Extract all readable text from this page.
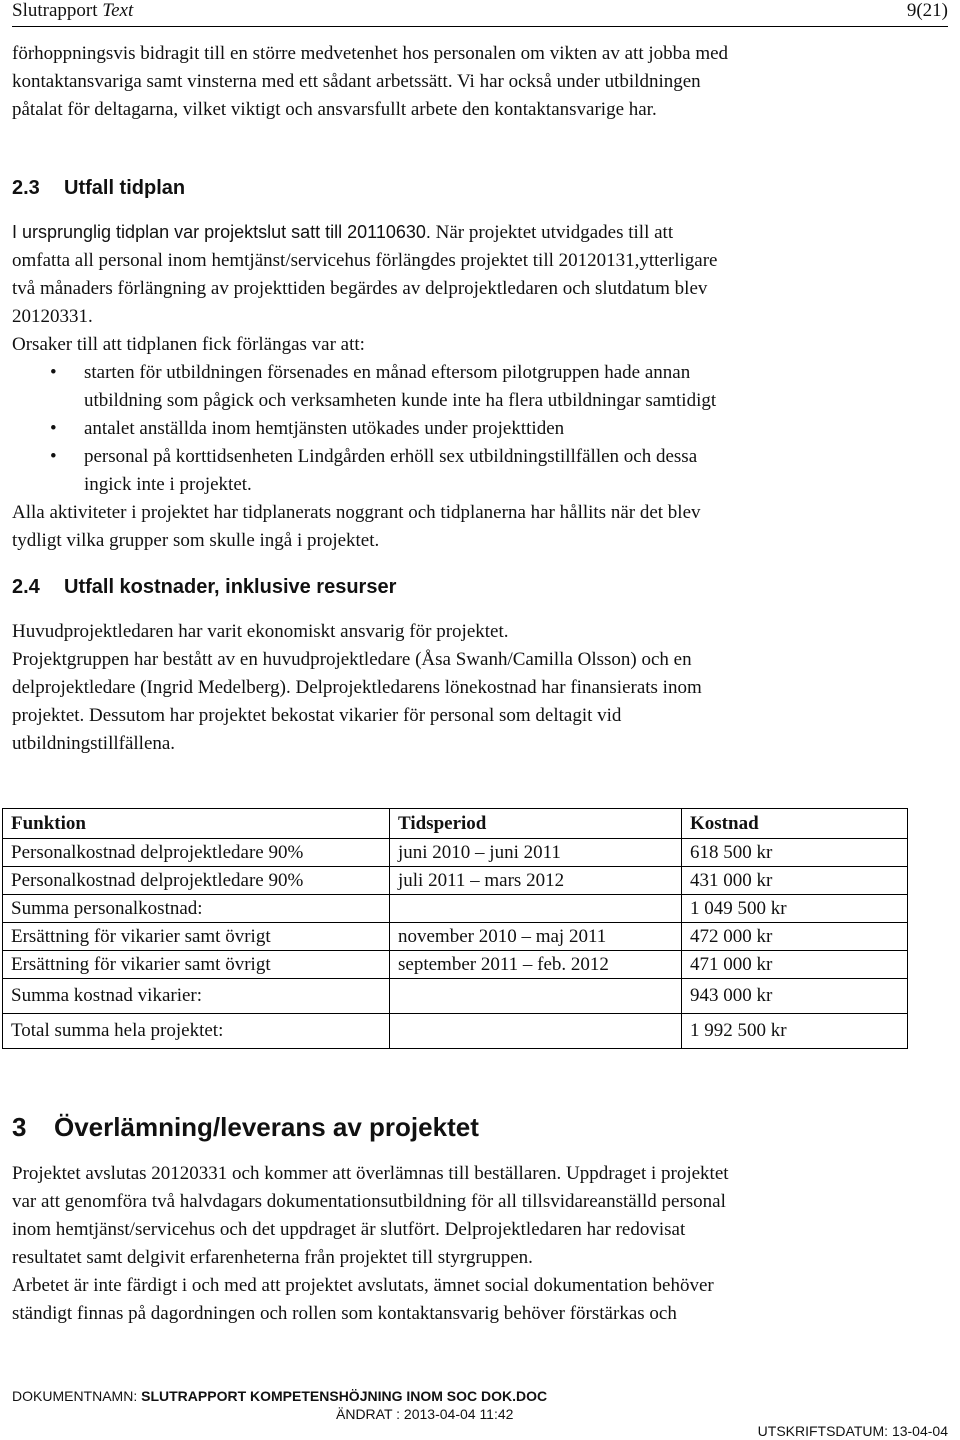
Slutrapport Text	9(21)
förhoppningsvis bidragit till en större medvetenhet hos personalen om vikten av att jobba med
kontaktansvariga samt vinsterna med ett sådant arbetssätt. Vi har också under utbildningen
påtalat för deltagarna, vilket viktigt och ansvarsfullt arbete den kontaktansvarige har.
2.3 Utfall tidplan
I ursprunglig tidplan var projektslut satt till 20110630. När projektet utvidgades till att
omfatta all personal inom hemtjänst/servicehus förlängdes projektet till 20120131,ytterligare
två månaders förlängning av projekttiden begärdes av delprojektledaren och slutdatum blev
20120331.
Orsaker till att tidplanen fick förlängas var att:
• starten för utbildningen försenades en månad eftersom pilotgruppen hade annan
utbildning som pågick och verksamheten kunde inte ha flera utbildningar samtidigt
• antalet anställda inom hemtjänsten utökades under projekttiden
• personal på korttidsenheten Lindgården erhöll sex utbildningstillfällen och dessa
ingick inte i projektet.
Alla aktiviteter i projektet har tidplanerats noggrant och tidplanerna har hållits när det blev
tydligt vilka grupper som skulle ingå i projektet.
2.4 Utfall kostnader, inklusive resurser
Huvudprojektledaren har varit ekonomiskt ansvarig för projektet.
Projektgruppen har bestått av en huvudprojektledare (Åsa Swanh/Camilla Olsson) och en
delprojektledare (Ingrid Medelberg). Delprojektledarens lönekostnad har finansierats inom
projektet. Dessutom har projektet bekostat vikarier för personal som deltagit vid
utbildningstillfällena.
Funktion	Tidsperiod	Kostnad
Personalkostnad delprojektledare 90%	juni 2010 – juni 2011	618 500 kr
Personalkostnad delprojektledare 90%	juli 2011 – mars 2012	431 000 kr
Summa personalkostnad:		1 049 500 kr
Ersättning för vikarier samt övrigt	november 2010 – maj 2011	472 000 kr
Ersättning för vikarier samt övrigt	september 2011 – feb. 2012	471 000 kr
Summa kostnad vikarier:		943 000 kr
Total summa hela projektet:		1 992 500 kr
3 Överlämning/leverans av projektet
Projektet avslutas 20120331 och kommer att överlämnas till beställaren. Uppdraget i projektet
var att genomföra två halvdagars dokumentationsutbildning för all tillsvidareanställd personal
inom hemtjänst/servicehus och det uppdraget är slutfört. Delprojektledaren har redovisat
resultatet samt delgivit erfarenheterna från projektet till styrgruppen.
Arbetet är inte färdigt i och med att projektet avslutats, ämnet social dokumentation behöver
ständigt finnas på dagordningen och rollen som kontaktansvarig behöver förstärkas och
DOKUMENTNAMN: SLUTRAPPORT KOMPETENSHÖJNING INOM SOC DOK.DOC
ÄNDRAT : 2013-04-04 11:42
UTSKRIFTSDATUM: 13-04-04
